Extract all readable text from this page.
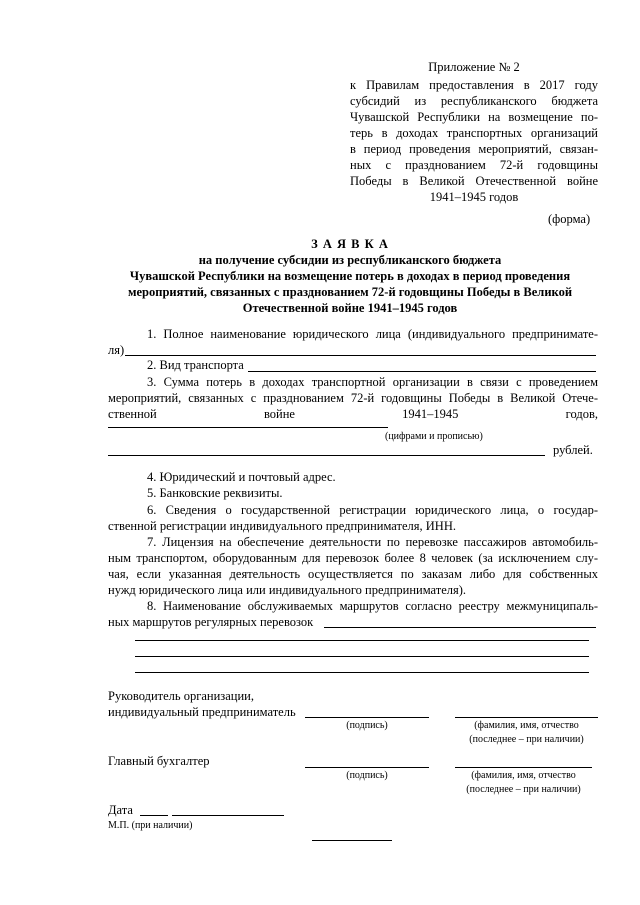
Приложение № 2
к Правилам предоставления в 2017 году
субсидий из республиканского бюджета
Чувашской Республики на возмещение по-
терь в доходах транспортных организаций
в период проведения мероприятий, связан-
ных с празднованием 72-й годовщины
Победы в Великой Отечественной войне
1941–1945 годов
(форма)
З А Я В К А
на получение субсидии из республиканского бюджета
Чувашской Республики на возмещение потерь в доходах в период проведения
мероприятий, связанных с празднованием 72-й годовщины Победы в Великой
Отечественной войне 1941–1945 годов
1. Полное наименование юридического лица (индивидуального предпринимате-
ля)
2. Вид транспорта
3. Сумма потерь в доходах транспортной организации в связи с проведением
мероприятий, связанных с празднованием 72-й годовщины Победы в Великой Отече-
ственной	войне	1941–1945	годов,
(цифрами и прописью)
рублей.
4. Юридический и почтовый адрес.
5. Банковские реквизиты.
6. Сведения о государственной регистрации юридического лица, о государ-
ственной регистрации индивидуального предпринимателя, ИНН.
7. Лицензия на обеспечение деятельности по перевозке пассажиров автомобиль-
ным транспортом, оборудованным для перевозок более 8 человек (за исключением слу-
чая, если указанная деятельность осуществляется по заказам либо для собственных
нужд юридического лица или индивидуального предпринимателя).
8. Наименование обслуживаемых маршрутов согласно реестру межмуниципаль-
ных маршрутов регулярных перевозок
Руководитель организации,
индивидуальный предприниматель
(подпись)	(фамилия, имя, отчество
(последнее – при наличии)
Главный бухгалтер
(подпись)	(фамилия, имя, отчество
(последнее – при наличии)
Дата
М.П. (при наличии)
